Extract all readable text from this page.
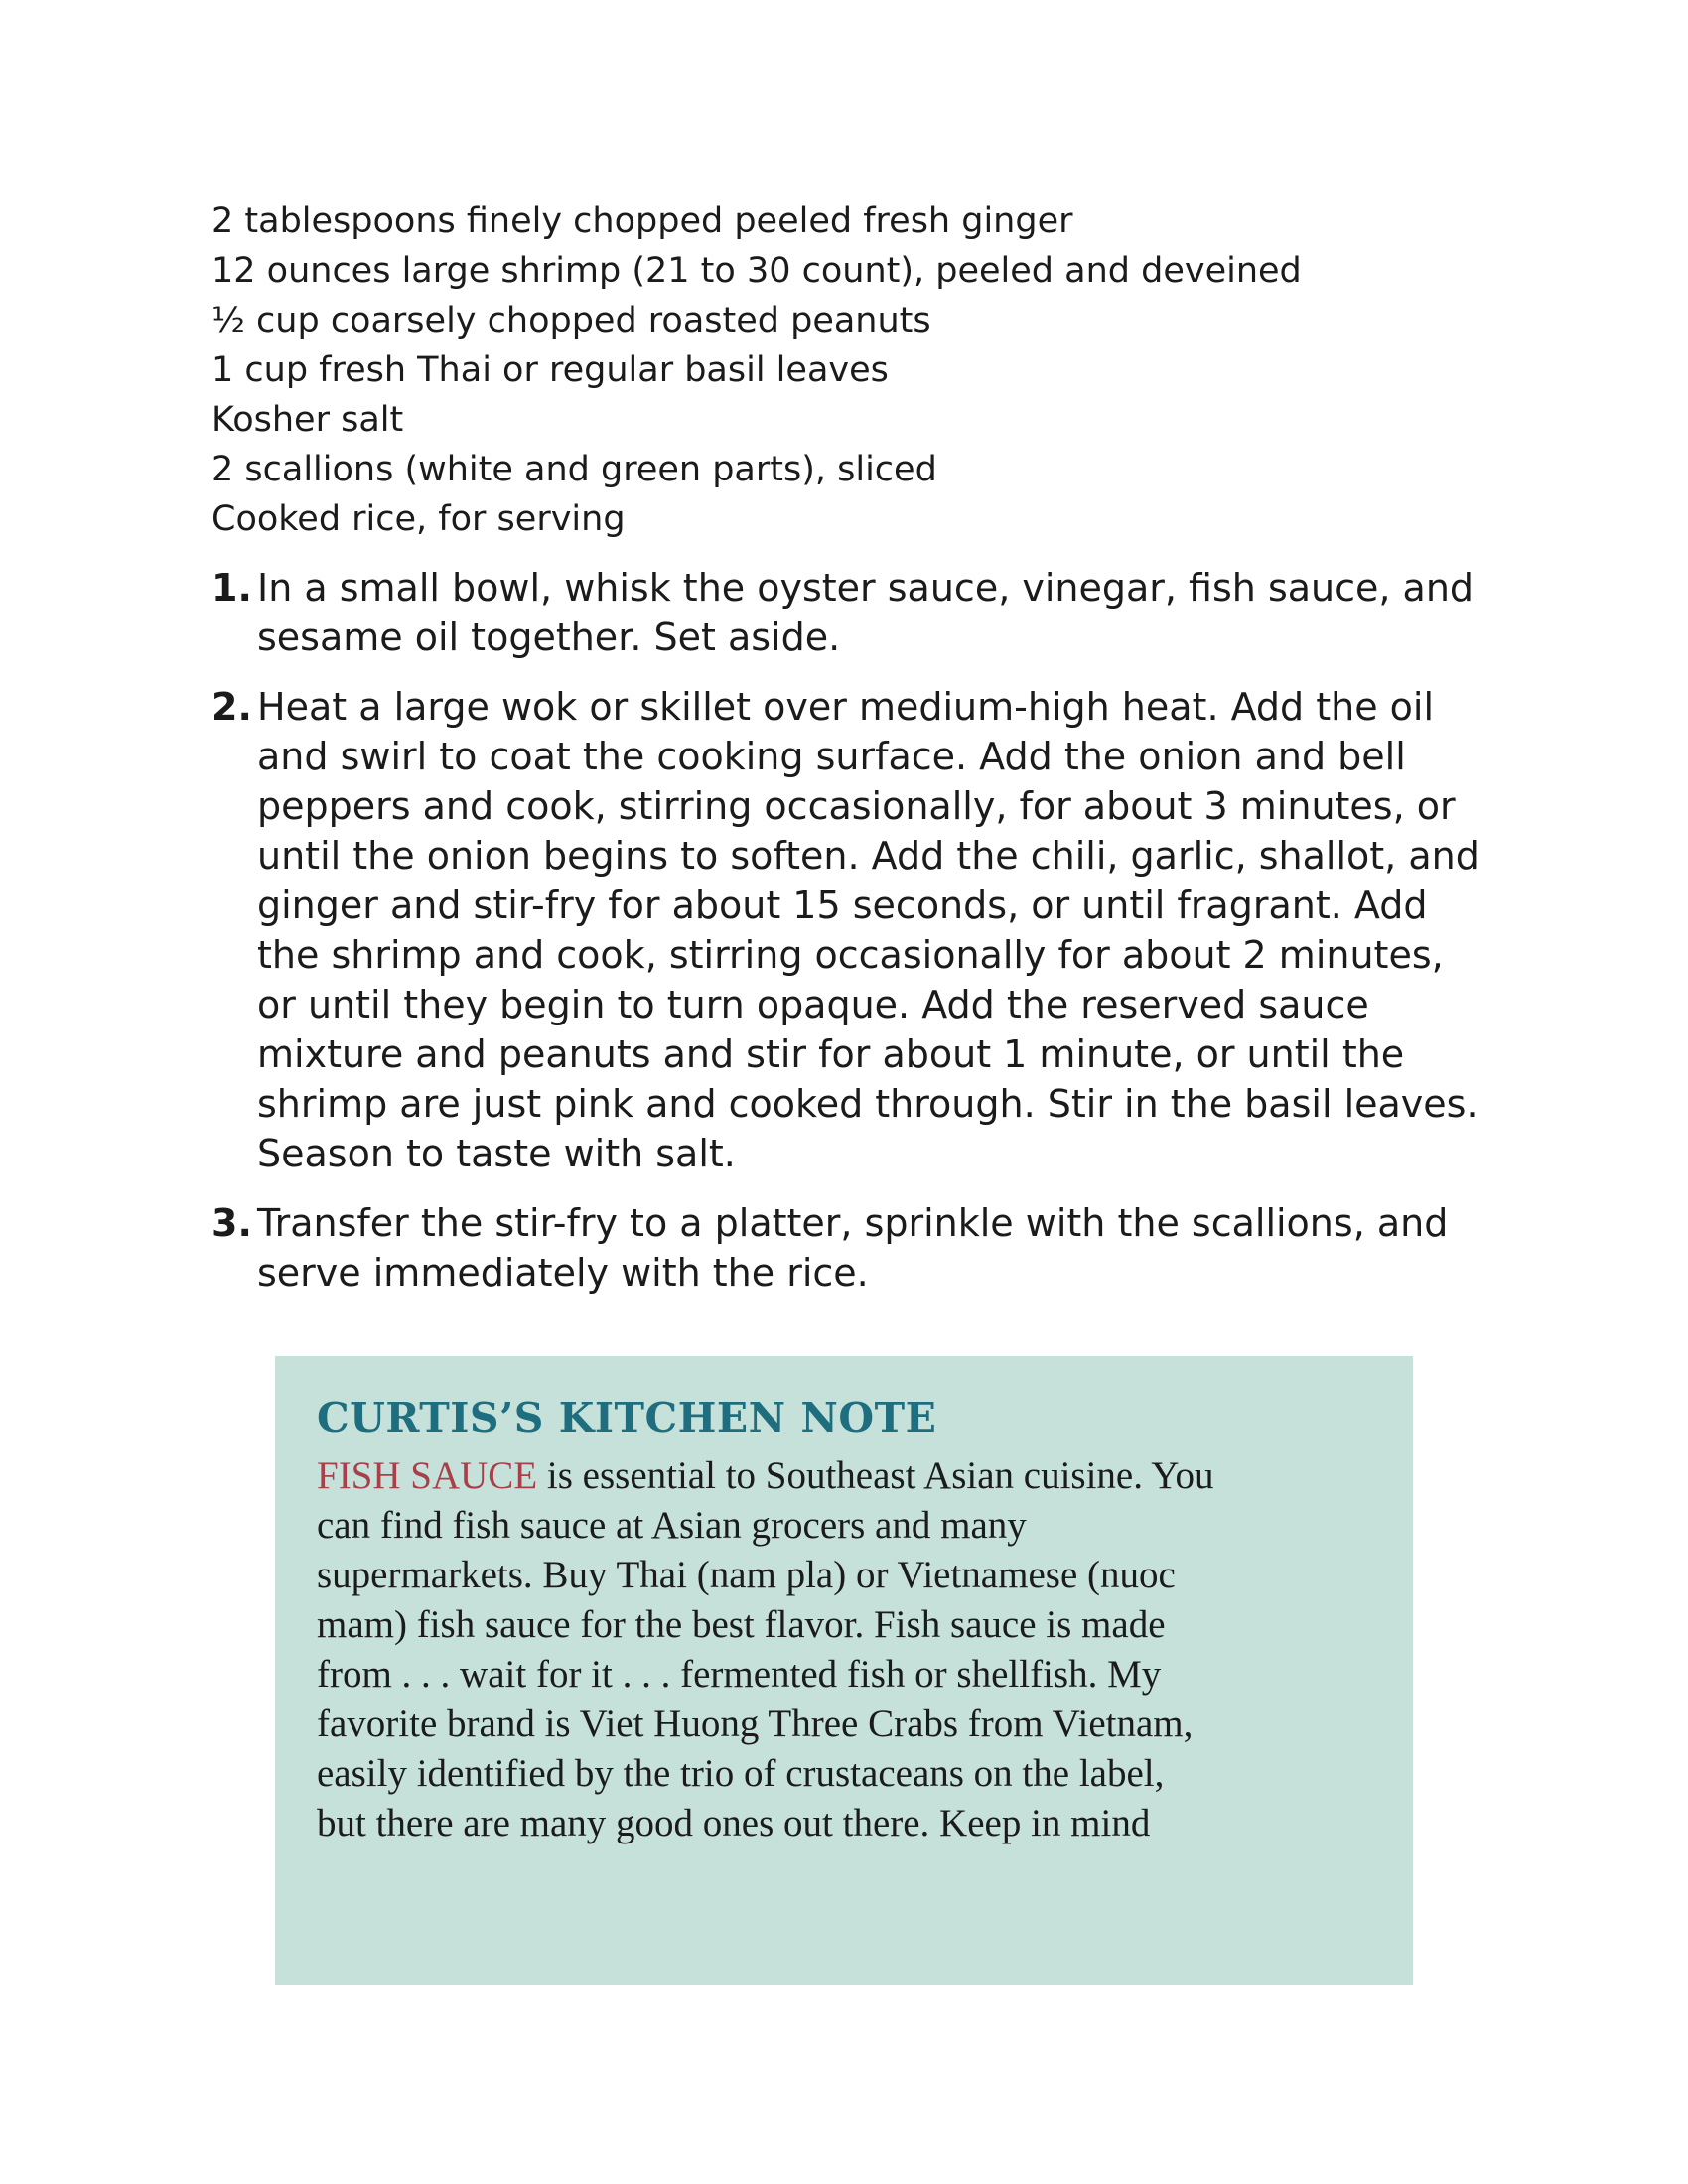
2 tablespoons finely chopped peeled fresh ginger
12 ounces large shrimp (21 to 30 count), peeled and deveined
½ cup coarsely chopped roasted peanuts
1 cup fresh Thai or regular basil leaves
Kosher salt
2 scallions (white and green parts), sliced
Cooked rice, for serving
1. In a small bowl, whisk the oyster sauce, vinegar, fish sauce, and sesame oil together. Set aside.
2. Heat a large wok or skillet over medium-high heat. Add the oil and swirl to coat the cooking surface. Add the onion and bell peppers and cook, stirring occasionally, for about 3 minutes, or until the onion begins to soften. Add the chili, garlic, shallot, and ginger and stir-fry for about 15 seconds, or until fragrant. Add the shrimp and cook, stirring occasionally for about 2 minutes, or until they begin to turn opaque. Add the reserved sauce mixture and peanuts and stir for about 1 minute, or until the shrimp are just pink and cooked through. Stir in the basil leaves. Season to taste with salt.
3. Transfer the stir-fry to a platter, sprinkle with the scallions, and serve immediately with the rice.
CURTIS’S KITCHEN NOTE

FISH SAUCE is essential to Southeast Asian cuisine. You
can find fish sauce at Asian grocers and many
supermarkets. Buy Thai (nam pla) or Vietnamese (nuoc
mam) fish sauce for the best flavor. Fish sauce is made
from . . . wait for it . . . fermented fish or shellfish. My
favorite brand is Viet Huong Three Crabs from Vietnam,
easily identified by the trio of crustaceans on the label,
but there are many good ones out there. Keep in mind
